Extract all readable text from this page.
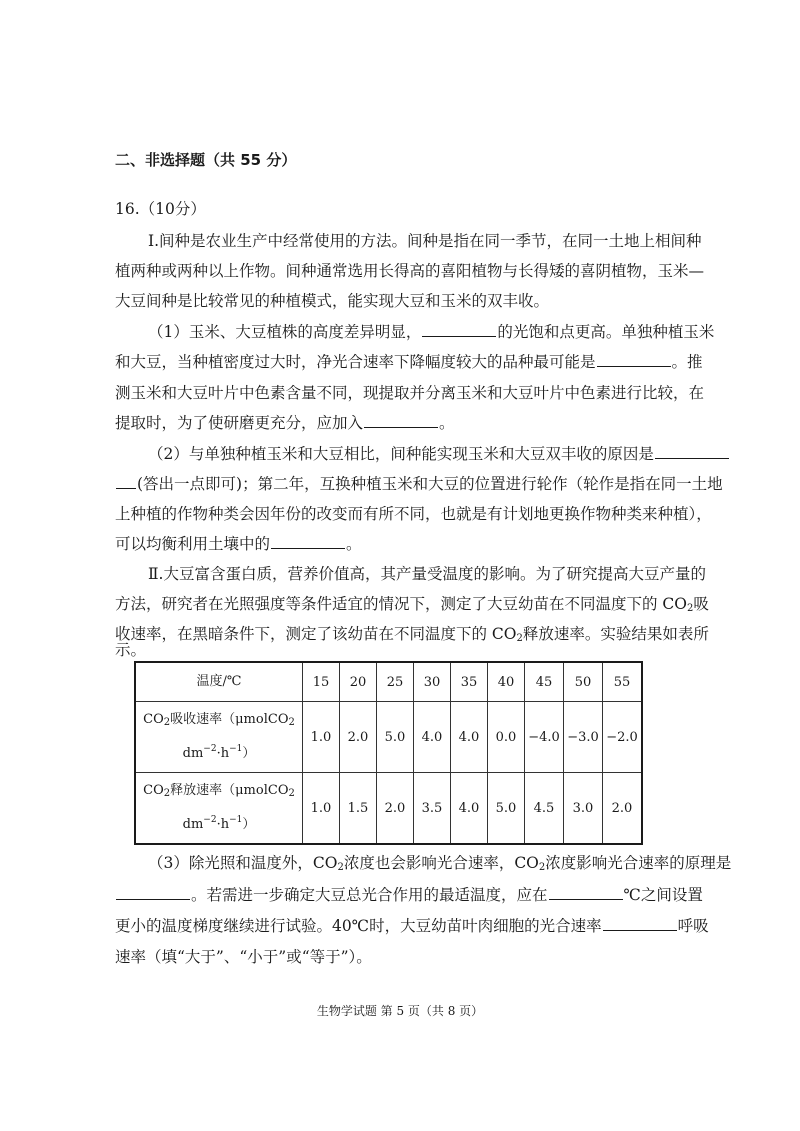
二、非选择题（共 55 分）
16.（10分）
Ⅰ.间种是农业生产中经常使用的方法。间种是指在同一季节，在同一土地上相间种
植两种或两种以上作物。间种通常选用长得高的喜阳植物与长得矮的喜阴植物，玉米—
大豆间种是比较常见的种植模式，能实现大豆和玉米的双丰收。
（1）玉米、大豆植株的高度差异明显，	的光饱和点更高。单独种植玉米
和大豆，当种植密度过大时，净光合速率下降幅度较大的品种最可能是	。推
测玉米和大豆叶片中色素含量不同，现提取并分离玉米和大豆叶片中色素进行比较，在
提取时，为了使研磨更充分，应加入	。
（2）与单独种植玉米和大豆相比，间种能实现玉米和大豆双丰收的原因是
(答出一点即可)；第二年，互换种植玉米和大豆的位置进行轮作（轮作是指在同一土地
上种植的作物种类会因年份的改变而有所不同，也就是有计划地更换作物种类来种植），
可以均衡利用土壤中的	。
Ⅱ.大豆富含蛋白质，营养价值高，其产量受温度的影响。为了研究提高大豆产量的
方法，研究者在光照强度等条件适宜的情况下，测定了大豆幼苗在不同温度下的 $CO_2$吸
收速率，在黑暗条件下，测定了该幼苗在不同温度下的 $CO_2$释放速率。实验结果如表所
示。
温度/℃	15	20	25	30	35	40	45	50	55

$CO_2$吸收速率（μmolCO$_2$
$dm^{-2}\cdot h^{-1}$）	1.0	2.0	5.0	4.0	4.0	0.0	−4.0	−3.0	−2.0

$CO_2$释放速率（μmolCO$_2$
$dm^{-2}\cdot h^{-1}$）	1.0	1.5	2.0	3.5	4.0	5.0	4.5	3.0	2.0
（3）除光照和温度外，$CO_2$浓度也会影响光合速率，$CO_2$浓度影响光合速率的原理是
。若需进一步确定大豆总光合作用的最适温度，应在	℃之间设置
更小的温度梯度继续进行试验。40℃时，大豆幼苗叶肉细胞的光合速率	呼吸
速率（填“大于”、“小于”或“等于”）。
生物学试题 第 5 页（共 8 页）
